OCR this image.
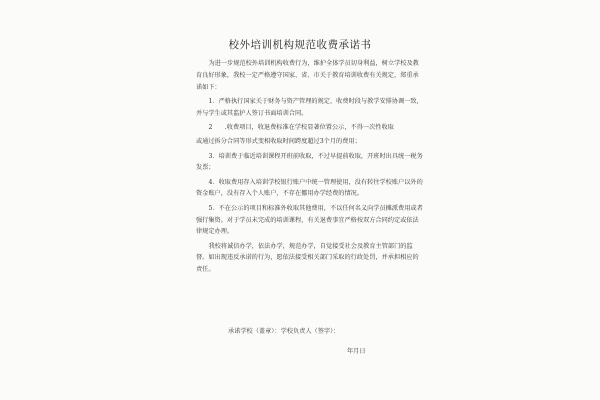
校外培训机构规范收费承诺书

为进一步规范校外培训机构收费行为，维护全体学员切身利益，树立学校及教育良好形象，我校一定严格遵守国家、省、市关于教育培训收费有关规定，郑重承诺如下：

1．严格执行国家关于财务与资产管理的规定，收费时段与教学安排协调一致，并与学生或其监护人签订书面培训合同。

2　　.收费项目，收退费标准在学校显著位置公示，不得一次性收取

或通过拆分合同等形式变相收取时间跨度超过3个月的费用；

3．培训费于临近培训课程开班前收取，不过早提前收取，开班时出具统一税务发票；

4．收取费用存入培训学校银行账户中统一管理使用，没有转往学校账户以外的资金账户，没有存入个人账户，不存在挪用办学经费的情况。

5．不在公示的项目和标准外收取其他费用，不以任何名义向学员摊派费用或者强行集资。对于学员未完成的培训课程，有关退费事宜严格按双方合同约定或依法律规定办理。

我校将诚信办学，依法办学，规范办学，自觉接受社会及教育主管部门的监督。如出现违反承诺的行为，愿依法接受相关部门采取的行政处罚，并承担相应的责任。

承诺学校（盖章）：学校负责人（签字）：
年月日
